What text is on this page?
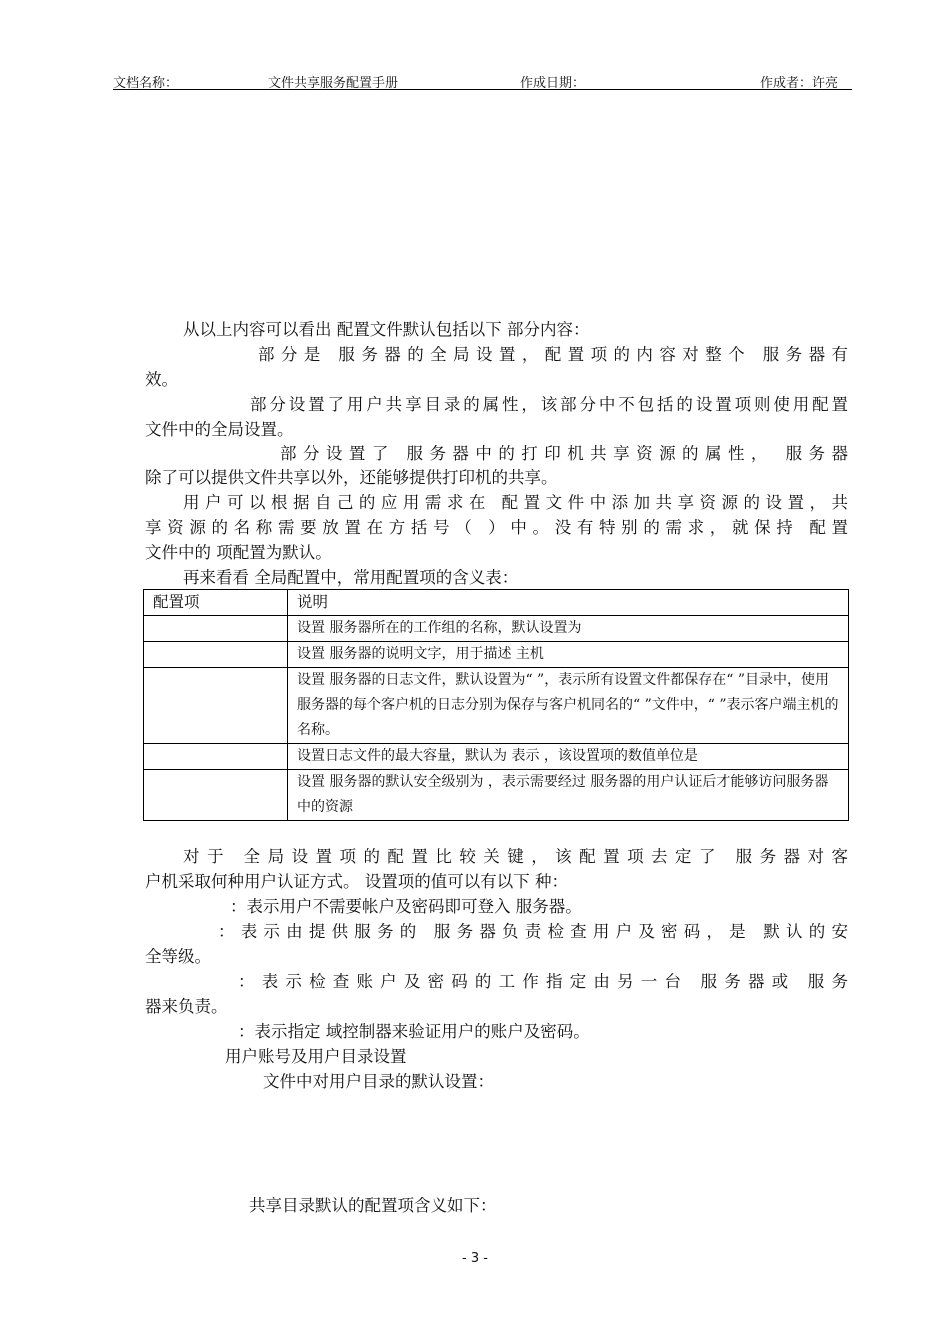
文档名称：	文件共享服务配置手册	作成日期：	作成者：许亮
从以上内容可以看出 配置文件默认包括以下 部分内容：
部分是 服务器的全局设置，配置项的内容对整个 服务器有
效。
部分设置了用户共享目录的属性，该部分中不包括的设置项则使用配置
文件中的全局设置。
部分设置了 服务器中的打印机共享资源的属性， 服务器
除了可以提供文件共享以外，还能够提供打印机的共享。
用户可以根据自己的应用需求在 配置文件中添加共享资源的设置，共
享资源的名称需要放置在方括号（ ）中。没有特别的需求，就保持 配置
文件中的 项配置为默认。
再来看看 全局配置中，常用配置项的含义表：
配置项	说明
	设置 服务器所在的工作组的名称，默认设置为
	设置 服务器的说明文字，用于描述 主机
	设置 服务器的日志文件，默认设置为“ ”，表示所有设置文件都保存在“ ”目录中，使用 服务器的每个客户机的日志分别为保存与客户机同名的“ ”文件中，“ ”表示客户端主机的名称。
	设置日志文件的最大容量，默认为 表示 ，该设置项的数值单位是
	设置 服务器的默认安全级别为 ，表示需要经过 服务器的用户认证后才能够访问服务器中的资源
对于 全局设置项的配置比较关键，该配置项去定了 服务器对客
户机采取何种用户认证方式。 设置项的值可以有以下 种：
：表示用户不需要帐户及密码即可登入 服务器。
：表示由提供服务的 服务器负责检查用户及密码，是 默认的安
全等级。
：表示检查账户及密码的工作指定由另一台 服务器或 服务
器来负责。
：表示指定 域控制器来验证用户的账户及密码。
用户账号及用户目录设置
文件中对用户目录的默认设置：
共享目录默认的配置项含义如下：
- 3 -
